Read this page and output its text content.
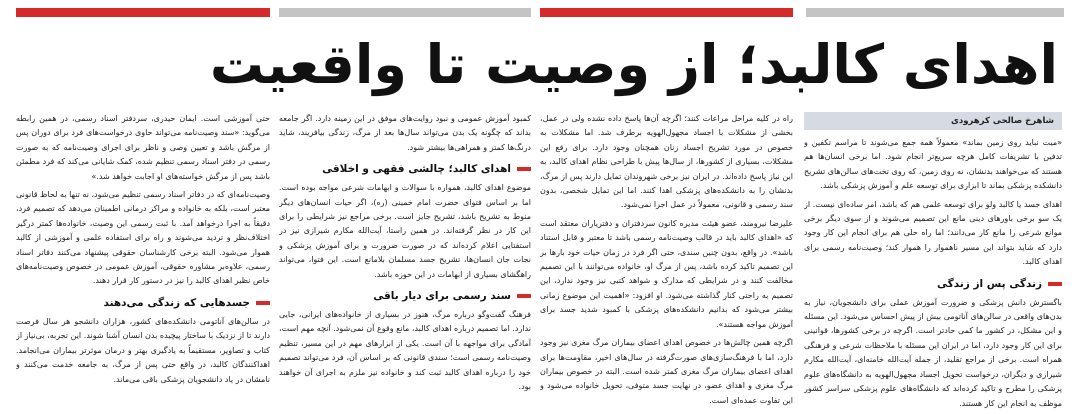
اهدای کالبد؛ از وصیت تا واقعیت
شاهرخ صالحی کرهرودی

«میت نباید روی زمین بماند» معمولاً همه جمع می‌شوند تا مراسم تکفین و تدفین با تشریفات کامل هرچه سریع‌تر انجام شود. اما برخی انسان‌ها هم هستند که می‌خواهند بدنشان، نه روی زمین، که روی تخت‌های سالن‌های تشریح دانشکده پزشکی بماند تا ابزاری برای توسعه علم و آموزش پزشکی باشد.

اهدای جسد یا کالبد ولو برای توسعه علمی هم که باشد، امر ساده‌ای نیست. از یک سو برخی باورهای دینی مانع این تصمیم می‌شوند و از سوی دیگر برخی موانع شرعی را مانع کار می‌دانند؛ اما راه حلی هم برای انجام این کار وجود دارد که شاید بتواند این مسیر ناهموار را هموار کند؛ وصیت‌نامه رسمی برای اهدای کالبد.

زندگی پس از زندگی

باگسترش دانش پزشکی و ضرورت آموزش عملی برای دانشجویان، نیاز به بدن‌های واقعی در سالن‌های آناتومی بیش از پیش احساس می‌شود. این مسئله و این مشکل، در کشور ما کمی حادتر است. اگرچه در برخی کشورها، قوانینی برای این کار وجود دارد، اما در ایران این مسئله با ملاحظات شرعی و فرهنگی همراه است. برخی از مراجع تقلید، از جمله آیت‌الله خامنه‌ای، آیت‌الله مکارم شیرازی و دیگران، درخواست تحویل اجساد مجهول‌الهویه به دانشگاه‌های علوم پزشکی را مطرح و تاکید کرده‌اند که دانشگاه‌های علوم پزشکی سراسر کشور موظف به انجام این کار هستند.

راه در کلیه مراحل مراعات کنند؛ اگرچه آن‌ها پاسخ داده نشده ولی در عمل، بخشی از مشکلات با اجساد مجهول‌الهویه برطرف شد. اما مشکلات به خصوص در مورد تشریح اجساد زنان همچنان وجود دارد. برای رفع این مشکلات، بسیاری از کشورها، از سال‌ها پیش با طراحی نظام اهدای کالبد، به این نیاز پاسخ داده‌اند. در ایران نیز برخی شهروندان تمایل دارند پس از مرگ، بدنشان را به دانشکده‌های پزشکی اهدا کنند. اما این تمایل شخصی، بدون سند رسمی و قانونی، معمولاً در عمل اجرا نمی‌شود.

علیرضا نیرومند، عضو هیئت مدیره کانون سردفتران و دفتریاران معتقد است که «اهدای کالبد باید در قالب وصیت‌نامه رسمی باشد تا معتبر و قابل استناد باشد». در واقع، بدون چنین سندی، حتی اگر فرد در زمان حیات خود بارها بر این تصمیم تاکید کرده باشد، پس از مرگ او، خانواده می‌توانند با این تصمیم مخالفت کنند و در شرایطی که مدارک و شواهد کتبی نیز وجود ندارد، این تصمیم به راحتی کنار گذاشته می‌شود. او افزود: «اهمیت این موضوع زمانی بیشتر می‌شود که بدانیم دانشکده‌های پزشکی با کمبود شدید جسد برای آموزش مواجه هستند».

اگرچه همین چالش‌ها در خصوص اهدای اعضای بیماران مرگ مغزی نیز وجود دارد، اما با فرهنگ‌سازی‌های صورت‌گرفته در سال‌های اخیر، مقاومت‌ها برای اهدای اعضای بیماران مرگ مغزی کمتر شده است. البته در خصوص بیماران مرگ مغزی و اهدای عضو، در نهایت جسد متوفی، تحویل خانواده می‌شود و این تفاوت عمده‌ای است.

کمبود آموزش عمومی و نبود روایت‌های موفق در این زمینه دارد. اگر جامعه بداند که چگونه یک بدن می‌تواند سال‌ها بعد از مرگ، زندگی بیافریند، شاید درنگ‌ها کمتر و همراهی‌ها بیشتر شود.

اهدای کالبد؛ چالشی فقهی و اخلاقی

موضوع اهدای کالبد، همواره با سوالات و ابهامات شرعی مواجه بوده است. اما بر اساس فتوای حضرت امام خمینی (ره)، اگر حیات انسان‌های دیگر منوط به تشریح باشد، تشریح جایز است. برخی مراجع نیز شرایطی را برای این کار در نظر گرفته‌اند. در همین راستا، آیت‌الله مکارم شیرازی نیز در استفتایی اعلام کرده‌اند که در صورت ضرورت و برای آموزش پزشکی و نجات جان انسان‌ها، تشریح جسد مسلمان بلامانع است. این فتوا، می‌تواند راهگشای بسیاری از ابهامات در این حوزه باشد.

سند رسمی برای دیار باقی

فرهنگ گفت‌وگو درباره مرگ، هنوز در بسیاری از خانواده‌های ایرانی، جایی ندارد. اما تصمیم درباره اهدای کالبد، مانع وقوع آن نمی‌شود. آنچه مهم است، آمادگی برای مواجهه با آن است. یکی از ابزارهای مهم در این مسیر، تنظیم وصیت‌نامه رسمی است؛ سندی قانونی که بر اساس آن، فرد می‌تواند تصمیم خود را درباره اهدای کالبد ثبت کند و خانواده نیز ملزم به اجرای آن خواهند بود.

حتی آموزشی است. ایمان حیدری، سردفتر اسناد رسمی، در همین رابطه می‌گوید: «سند وصیت‌نامه می‌تواند حاوی درخواست‌های فرد برای دوران پس از مرگش باشد و تعیین وصی و ناظر برای اجرای وصیت‌نامه که به صورت رسمی در دفتر اسناد رسمی تنظیم شده، کمک شایانی می‌کند که فرد مطمئن باشد پس از مرگش خواسته‌های او اجابت خواهد شد.»

وصیت‌نامه‌ای که در دفاتر اسناد رسمی تنظیم می‌شود، نه تنها به لحاظ قانونی معتبر است، بلکه به خانواده و مراکز درمانی اطمینان می‌دهد که تصمیم فرد، دقیقاً به اجرا درخواهد آمد. با ثبت رسمی این وصیت، خانواده‌ها کمتر درگیر اختلاف‌نظر و تردید می‌شوند و راه برای استفاده علمی و آموزشی از کالبد هموار می‌شود. البته برخی کارشناسان حقوقی پیشنهاد می‌کنند دفاتر اسناد رسمی، علاوه‌بر مشاوره حقوقی، آموزش عمومی در خصوص وصیت‌نامه‌های خاص نظیر اهدای کالبد را نیز در دستور کار قرار دهند.

جسدهایی که زندگی می‌دهند

در سالن‌های آناتومی دانشکده‌های کشور، هزاران دانشجو هر سال فرصت دارند تا از نزدیک با ساختار پیچیده بدن انسان آشنا شوند. این تجربه، بی‌نیاز از کتاب و تصاویر، مستقیماً به یادگیری بهتر و درمان موثرتر بیماران می‌انجامد. اهداکنندگان کالبد، در واقع حتی پس از مرگ، به جامعه خدمت می‌کنند و نامشان در یاد دانشجویان پزشکی باقی می‌ماند.
